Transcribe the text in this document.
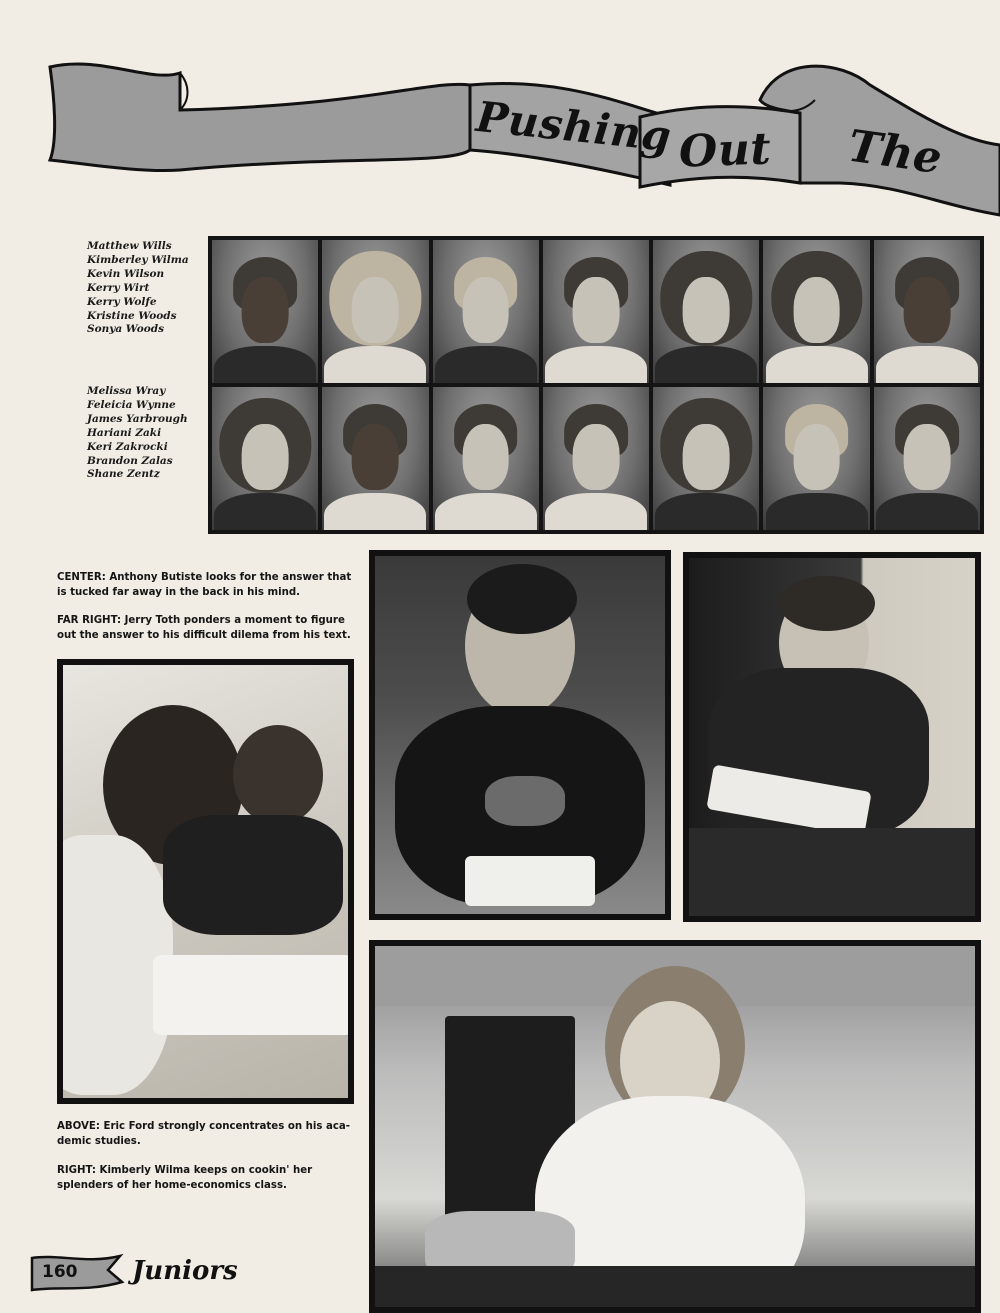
Pushing Out The
Matthew Wills
Kimberley Wilma
Kevin Wilson
Kerry Wirt
Kerry Wolfe
Kristine Woods
Sonya Woods
Melissa Wray
Feleicia Wynne
James Yarbrough
Hariani Zaki
Keri Zakrocki
Brandon Zalas
Shane Zentz
CENTER: Anthony Butiste looks for the answer that is tucked far away in the back in his mind.
FAR RIGHT: Jerry Toth ponders a moment to figure out the answer to his difficult dilema from his text.
ABOVE: Eric Ford strongly concentrates on his aca-demic studies.
RIGHT: Kimberly Wilma keeps on cookin' her splenders of her home-economics class.
160 Juniors
